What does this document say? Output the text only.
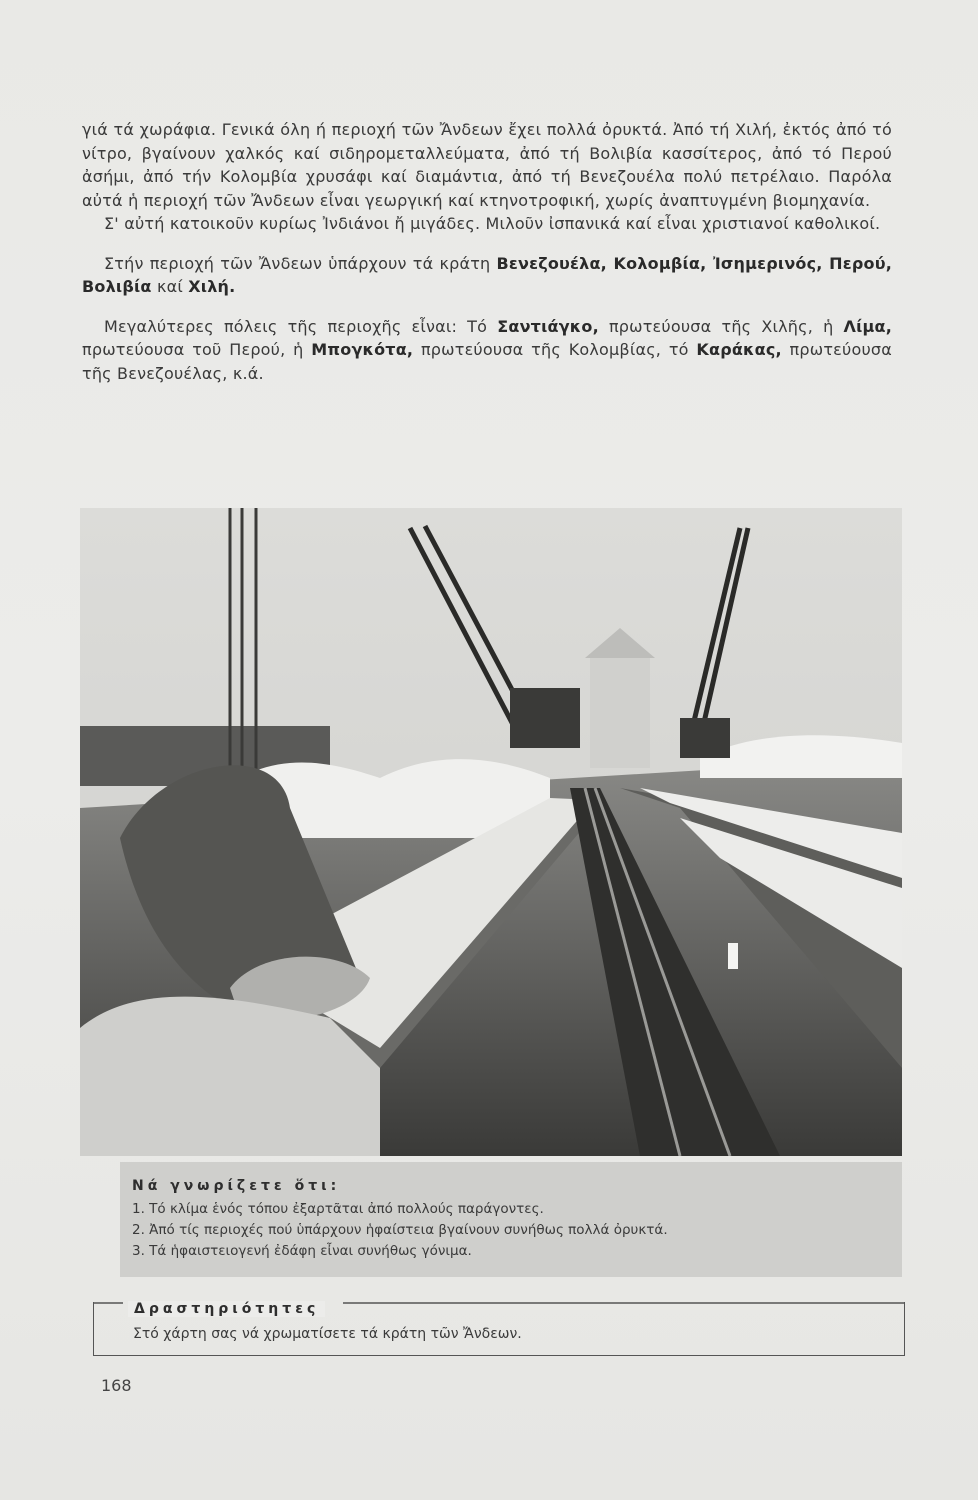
γιά τά χωράφια. Γενικά όλη ή περιοχή τῶν Ἄνδεων ἔχει πολλά ὀρυκτά. Ἀπό τή Χιλή, ἐκτός ἀπό τό νίτρο, βγαίνουν χαλκός καί σιδηρομεταλλεύματα, ἀπό τή Βολιβία κασσίτερος, ἀπό τό Περού ἀσήμι, ἀπό τήν Κολομβία χρυσάφι καί διαμάντια, ἀπό τή Βενεζουέλα πολύ πετρέλαιο. Παρόλα αὐτά ἡ περιοχή τῶν Ἄνδεων εἶναι γεωργική καί κτηνοτροφική, χωρίς ἀναπτυγμένη βιομηχανία.

Σ' αὐτή κατοικοῦν κυρίως Ἰνδιάνοι ἤ μιγάδες. Μιλοῦν ἰσπανικά καί εἶναι χριστιανοί καθολικοί.

Στήν περιοχή τῶν Ἄνδεων ὑπάρχουν τά κράτη Βενεζουέλα, Κολομβία, Ἰσημερινός, Περού, Βολιβία καί Χιλή.

Μεγαλύτερες πόλεις τῆς περιοχῆς εἶναι: Τό Σαντιάγκο, πρωτεύουσα τῆς Χιλῆς, ἡ Λίμα, πρωτεύουσα τοῦ Περού, ἡ Μπογκότα, πρωτεύουσα τῆς Κολομβίας, τό Καράκας, πρωτεύουσα τῆς Βενεζουέλας, κ.ά.

Νά γνωρίζετε ὅτι:
1. Τό κλίμα ἑνός τόπου ἐξαρτᾶται ἀπό πολλούς παράγοντες.
2. Ἀπό τίς περιοχές πού ὑπάρχουν ἡφαίστεια βγαίνουν συνήθως πολλά ὀρυκτά.
3. Τά ἡφαιστειογενή ἐδάφη εἶναι συνήθως γόνιμα.
Δραστηριότητες
Στό χάρτη σας νά χρωματίσετε τά κράτη τῶν Ἄνδεων.
168
